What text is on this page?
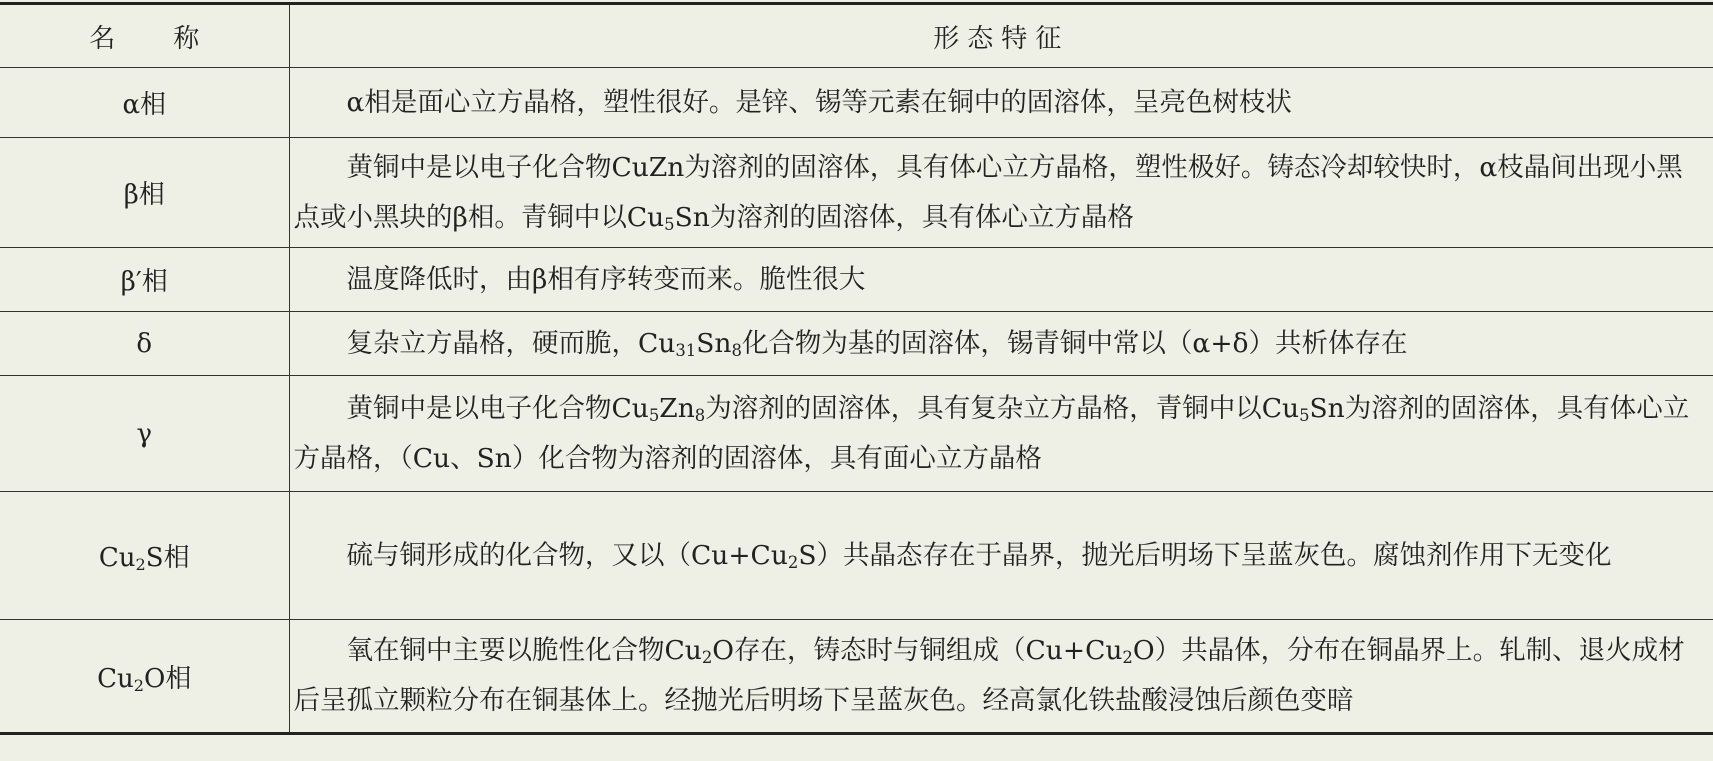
名称	形态特征
α相	α相是面心立方晶格，塑性很好。是锌、锡等元素在铜中的固溶体，呈亮色树枝状

β相	黄铜中是以电子化合物CuZn为溶剂的固溶体，具有体心立方晶格，塑性极好。铸态冷却较快时，α枝晶间出现小黑点或小黑块的β相。青铜中以$Cu_5Sn$为溶剂的固溶体，具有体心立方晶格

β′相	温度降低时，由β相有序转变而来。脆性很大

δ	复杂立方晶格，硬而脆，$Cu_{31}Sn_8$化合物为基的固溶体，锡青铜中常以（α+δ）共析体存在

γ	黄铜中是以电子化合物$Cu_5Zn_8$为溶剂的固溶体，具有复杂立方晶格，青铜中以$Cu_5Sn$为溶剂的固溶体，具有体心立方晶格，（Cu、Sn）化合物为溶剂的固溶体，具有面心立方晶格

$Cu_2S$相	硫与铜形成的化合物，又以$(Cu+Cu_2S)$共晶态存在于晶界，抛光后明场下呈蓝灰色。腐蚀剂作用下无变化

$Cu_2O$相	氧在铜中主要以脆性化合物$Cu_2O$存在，铸态时与铜组成$(Cu+Cu_2O)$共晶体，分布在铜晶界上。轧制、退火成材后呈孤立颗粒分布在铜基体上。经抛光后明场下呈蓝灰色。经高氯化铁盐酸浸蚀后颜色变暗
